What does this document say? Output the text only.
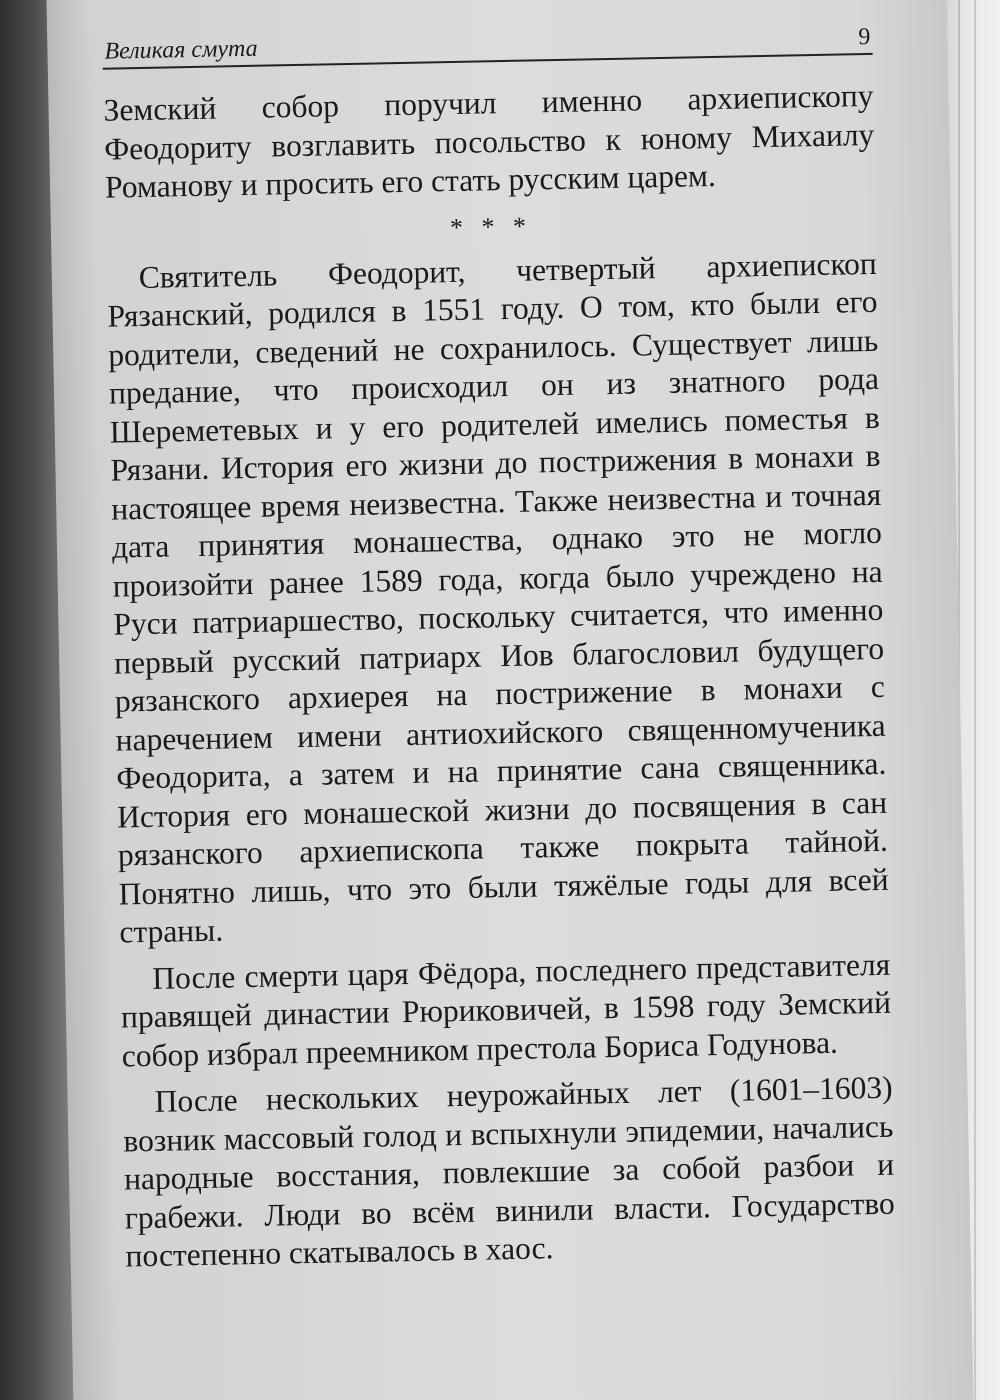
Великая смута	9

Земский собор поручил именно архиепископу Феодориту возглавить посольство к юному Михаилу Романову и просить его стать русским царем.

* * *

Святитель Феодорит, четвертый архиепископ Рязанский, родился в 1551 году. О том, кто были его родители, сведений не сохранилось. Существует лишь предание, что происходил он из знатного рода Шереметевых и у его родителей имелись поместья в Рязани. История его жизни до пострижения в монахи в настоящее время неизвестна. Также неизвестна и точная дата принятия монашества, однако это не могло произойти ранее 1589 года, когда было учреждено на Руси патриаршество, поскольку считается, что именно первый русский патриарх Иов благословил будущего рязанского архиерея на пострижение в монахи с наречением имени антиохийского священномученика Феодорита, а затем и на принятие сана священника. История его монашеской жизни до посвящения в сан рязанского архиепископа также покрыта тайной. Понятно лишь, что это были тяжёлые годы для всей страны.

После смерти царя Фёдора, последнего представителя правящей династии Рюриковичей, в 1598 году Земский собор избрал преемником престола Бориса Годунова.

После нескольких неурожайных лет (1601–1603) возник массовый голод и вспыхнули эпидемии, начались народные восстания, повлекшие за собой разбои и грабежи. Люди во всём винили власти. Государство постепенно скатывалось в хаос.
